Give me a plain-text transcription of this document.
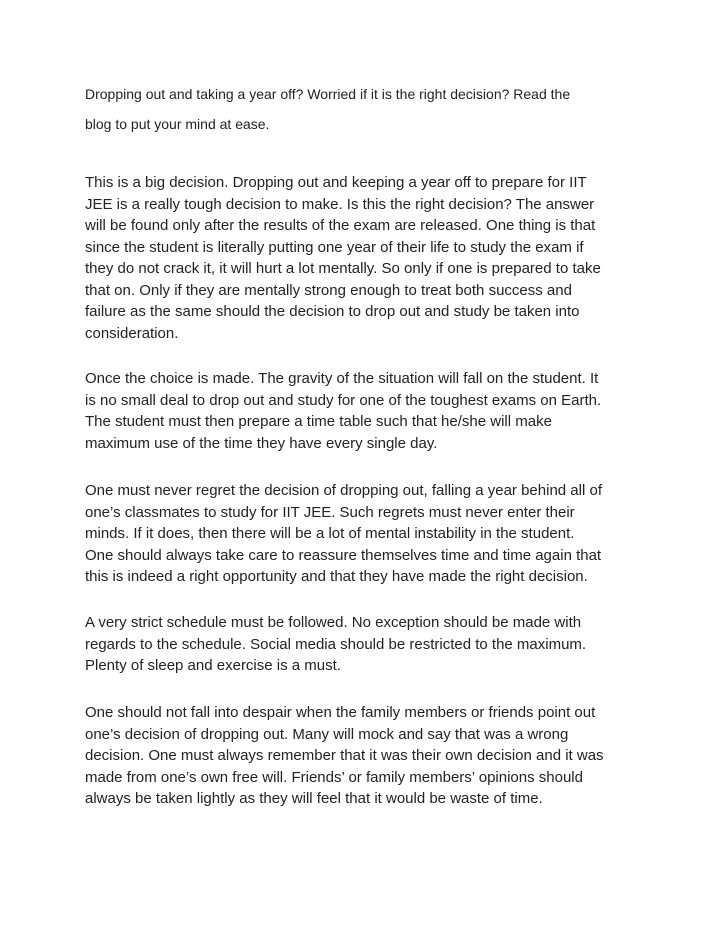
Dropping out and taking a year off? Worried if it is the right decision? Read the

blog to put your mind at ease.

This is a big decision. Dropping out and keeping a year off to prepare for IIT
JEE is a really tough decision to make. Is this the right decision? The answer
will be found only after the results of the exam are released. One thing is that
since the student is literally putting one year of their life to study the exam if
they do not crack it, it will hurt a lot mentally. So only if one is prepared to take
that on. Only if they are mentally strong enough to treat both success and
failure as the same should the decision to drop out and study be taken into
consideration.
Once the choice is made. The gravity of the situation will fall on the student. It
is no small deal to drop out and study for one of the toughest exams on Earth.
The student must then prepare a time table such that he/she will make
maximum use of the time they have every single day.
One must never regret the decision of dropping out, falling a year behind all of
one’s classmates to study for IIT JEE. Such regrets must never enter their
minds. If it does, then there will be a lot of mental instability in the student.
One should always take care to reassure themselves time and time again that
this is indeed a right opportunity and that they have made the right decision.
A very strict schedule must be followed. No exception should be made with
regards to the schedule. Social media should be restricted to the maximum.
Plenty of sleep and exercise is a must.
One should not fall into despair when the family members or friends point out
one’s decision of dropping out. Many will mock and say that was a wrong
decision. One must always remember that it was their own decision and it was
made from one’s own free will. Friends’ or family members’ opinions should
always be taken lightly as they will feel that it would be waste of time.
